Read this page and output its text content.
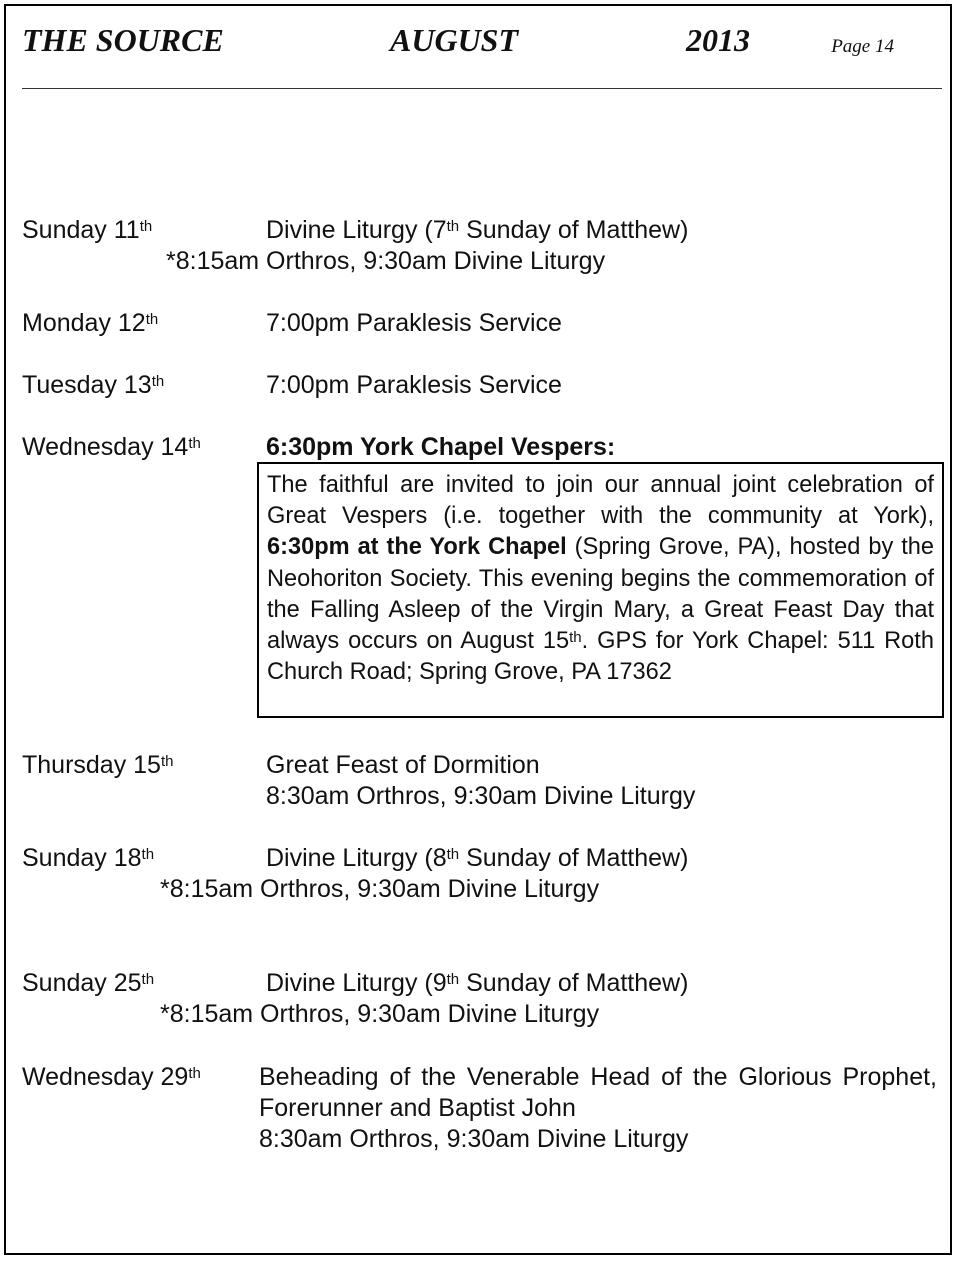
THE SOURCE	AUGUST	2013	Page 14
Sunday 11th	Divine Liturgy (7th Sunday of Matthew)
*8:15am Orthros, 9:30am Divine Liturgy
Monday 12th	7:00pm Paraklesis Service
Tuesday 13th	7:00pm Paraklesis Service
Wednesday 14th	6:30pm York Chapel Vespers:

The faithful are invited to join our annual joint celebration of Great Vespers (i.e. together with the community at York), 6:30pm at the York Chapel (Spring Grove, PA), hosted by the Neohoriton Society. This evening begins the commemoration of the Falling Asleep of the Virgin Mary, a Great Feast Day that always occurs on August 15th. GPS for York Chapel: 511 Roth Church Road; Spring Grove, PA 17362

Thursday 15th	Great Feast of Dormition
8:30am Orthros, 9:30am Divine Liturgy
Sunday 18th	Divine Liturgy (8th Sunday of Matthew)
*8:15am Orthros, 9:30am Divine Liturgy
Sunday 25th	Divine Liturgy (9th Sunday of Matthew)
*8:15am Orthros, 9:30am Divine Liturgy
Wednesday 29th Beheading of the Venerable Head of the Glorious Prophet, Forerunner and Baptist John
8:30am Orthros, 9:30am Divine Liturgy
